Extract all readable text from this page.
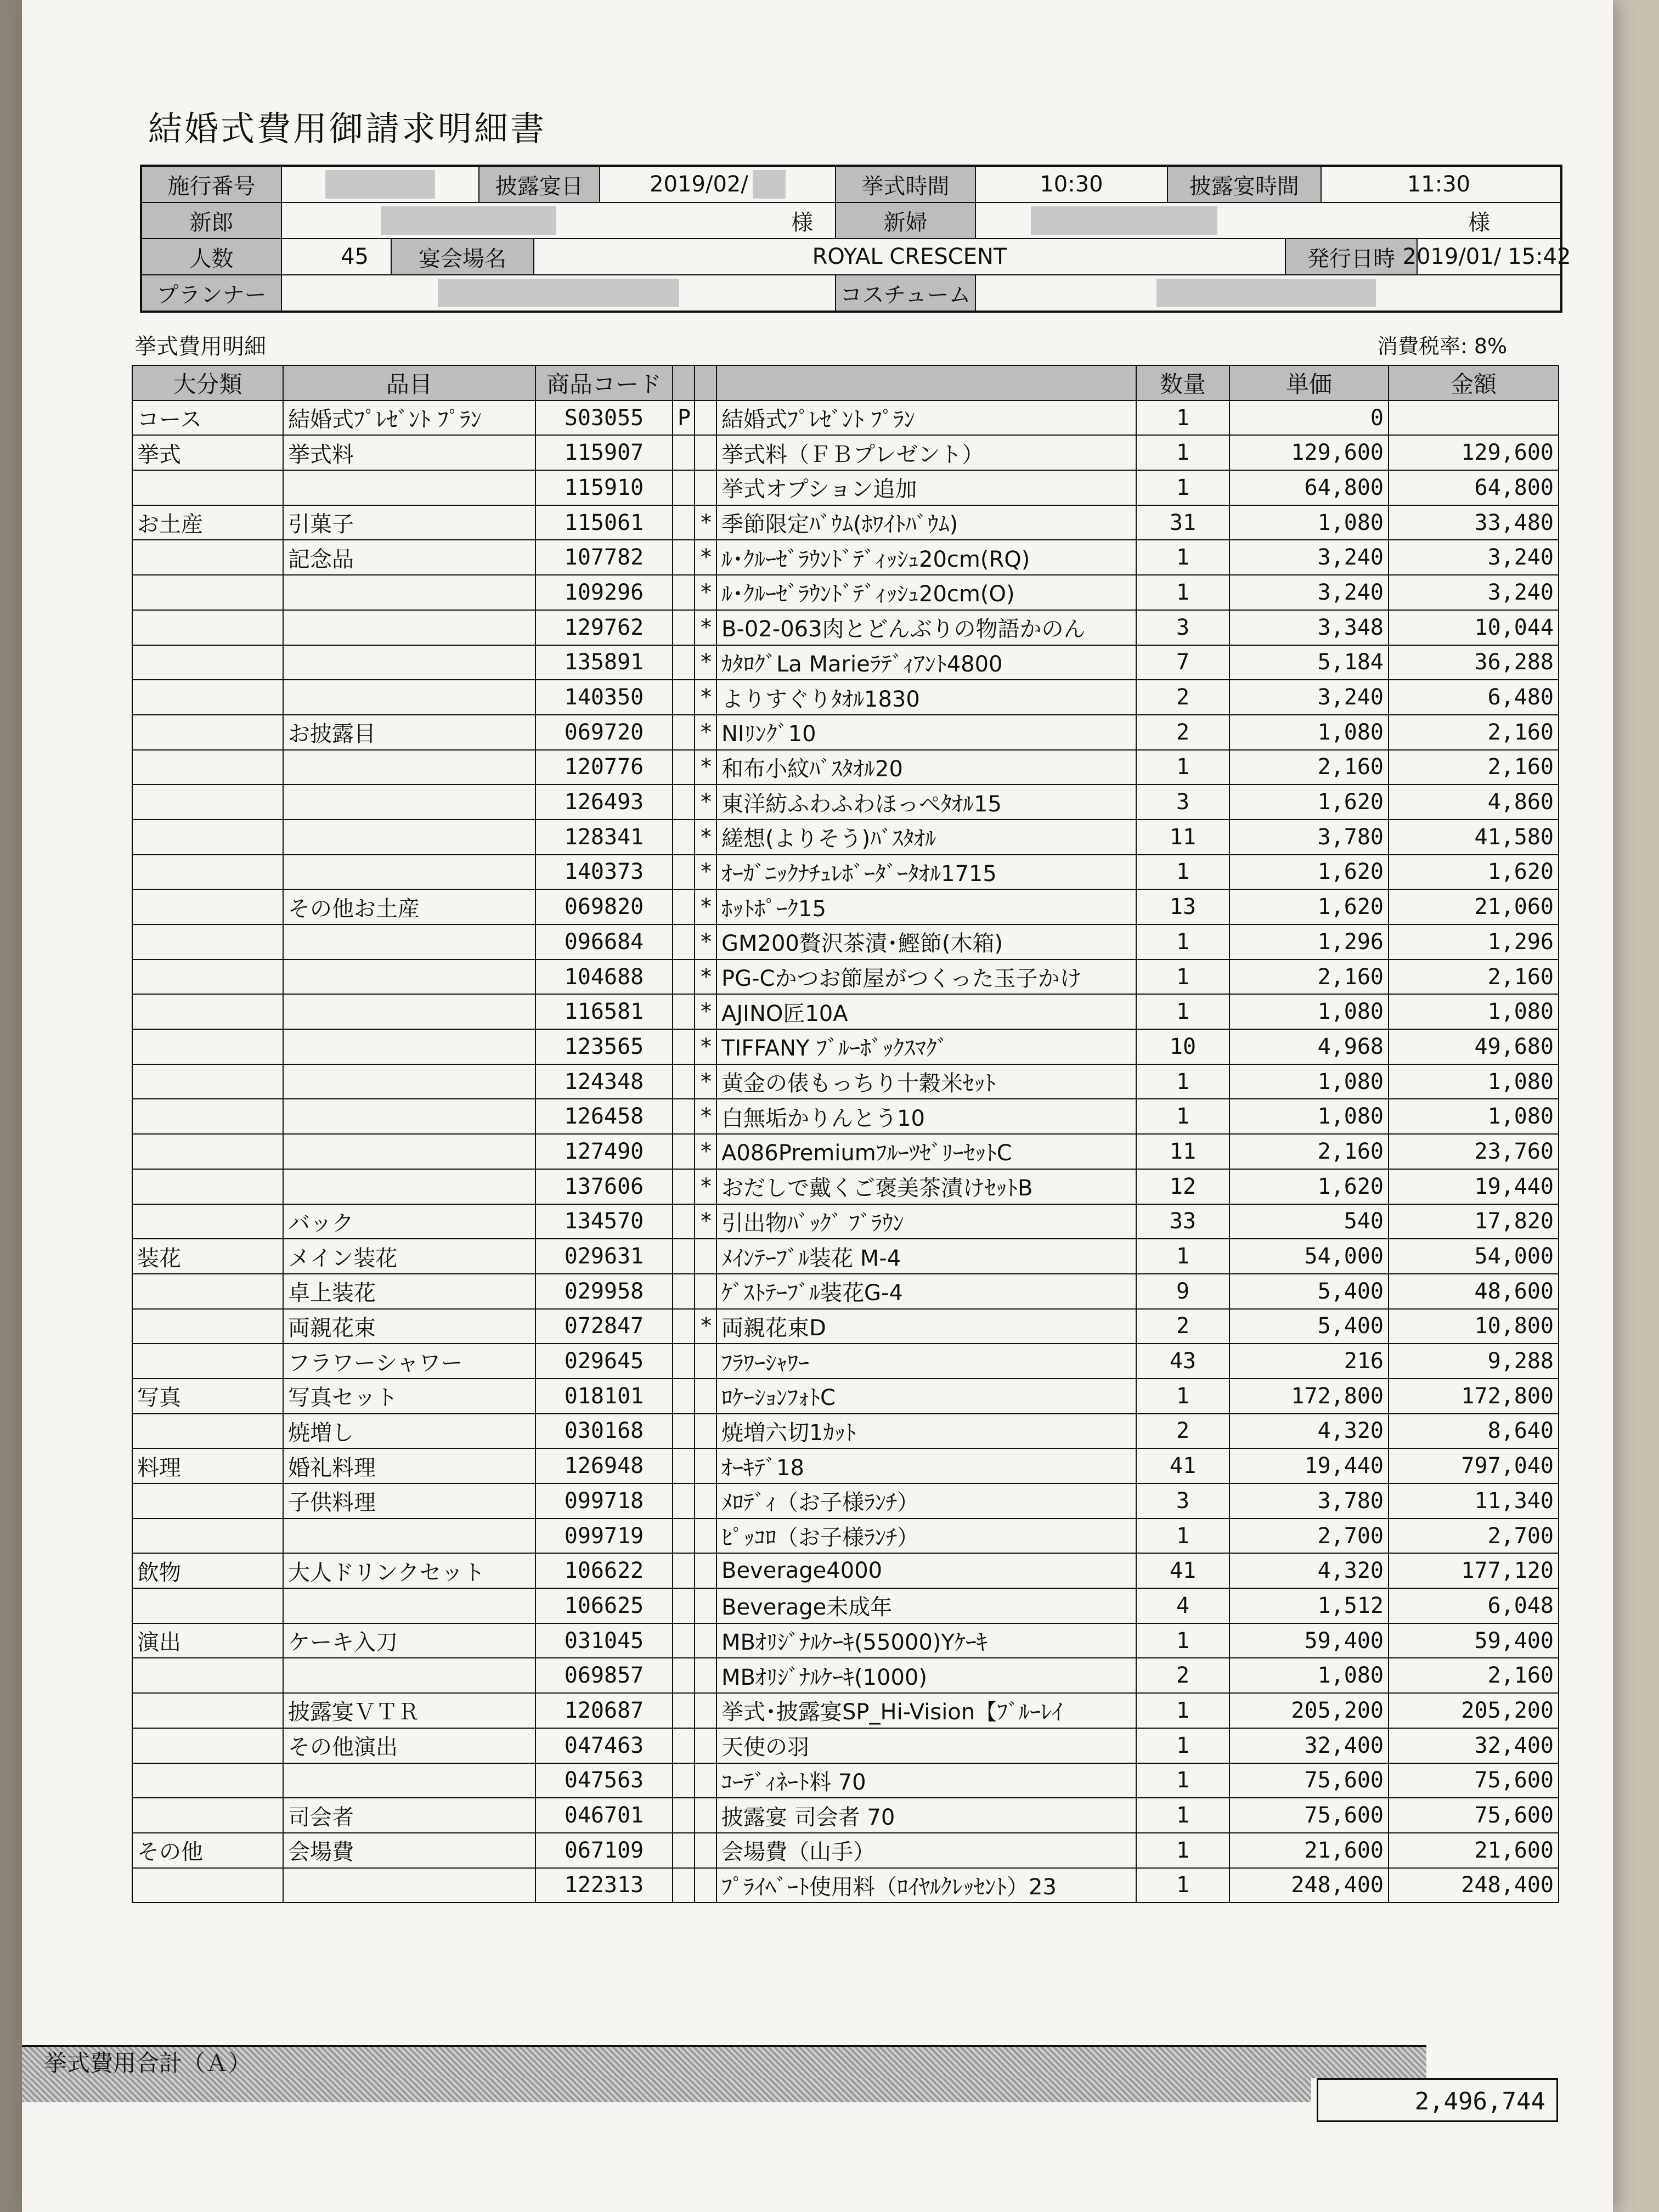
結婚式費用御請求明細書
施行番号	披露宴日	2019/02/	挙式時間	10:30	披露宴時間	11:30
新郎	様	新婦	様
人数	45	宴会場名	ROYAL CRESCENT	発行日時 2019/01/ 15:42
プランナー	コスチューム
挙式費用明細	消費税率: 8%
大分類	品目	商品コード				数量	単価	金額
コース	結婚式ﾌﾟﾚｾﾞﾝﾄ ﾌﾟﾗﾝ	S03055	P		結婚式ﾌﾟﾚｾﾞﾝﾄ ﾌﾟﾗﾝ	1	0	
挙式	挙式料	115907			挙式料（ＦＢプレゼント）	1	129,600	129,600
		115910			挙式オプション追加	1	64,800	64,800
お土産	引菓子	115061		*	季節限定ﾊﾞｳﾑ(ﾎﾜｲﾄﾊﾞｳﾑ)	31	1,080	33,480
	記念品	107782		*	ﾙ･ｸﾙｰｾﾞﾗｳﾝﾄﾞﾃﾞｨｯｼｭ20cm(RQ)	1	3,240	3,240
		109296		*	ﾙ･ｸﾙｰｾﾞﾗｳﾝﾄﾞﾃﾞｨｯｼｭ20cm(O)	1	3,240	3,240
		129762		*	B-02-063肉とどんぶりの物語かのん	3	3,348	10,044
		135891		*	ｶﾀﾛｸﾞLa Marieﾗﾃﾞｨｱﾝﾄ4800	7	5,184	36,288
		140350		*	よりすぐりﾀｵﾙ1830	2	3,240	6,480
	お披露目	069720		*	NIﾘﾝｸﾞ10	2	1,080	2,160
		120776		*	和布小紋ﾊﾞｽﾀｵﾙ20	1	2,160	2,160
		126493		*	東洋紡ふわふわほっぺﾀｵﾙ15	3	1,620	4,860
		128341		*	縒想(よりそう)ﾊﾞｽﾀｵﾙ	11	3,780	41,580
		140373		*	ｵｰｶﾞﾆｯｸﾅﾁｭﾚﾎﾞｰﾀﾞｰﾀｵﾙ1715	1	1,620	1,620
	その他お土産	069820		*	ﾎｯﾄﾎﾟｰｸ15	13	1,620	21,060
		096684		*	GM200贅沢茶漬･鰹節(木箱)	1	1,296	1,296
		104688		*	PG-Cかつお節屋がつくった玉子かけ	1	2,160	2,160
		116581		*	AJINO匠10A	1	1,080	1,080
		123565		*	TIFFANY ﾌﾞﾙｰﾎﾞｯｸｽﾏｸﾞ	10	4,968	49,680
		124348		*	黄金の俵もっちり十穀米ｾｯﾄ	1	1,080	1,080
		126458		*	白無垢かりんとう10	1	1,080	1,080
		127490		*	A086PremiumﾌﾙｰﾂｾﾞﾘｰｾｯﾄC	11	2,160	23,760
		137606		*	おだしで戴くご褒美茶漬けｾｯﾄB	12	1,620	19,440
	バック	134570		*	引出物ﾊﾞｯｸﾞ ﾌﾞﾗｳﾝ	33	540	17,820
装花	メイン装花	029631			ﾒｲﾝﾃｰﾌﾞﾙ装花 M-4	1	54,000	54,000
	卓上装花	029958			ｹﾞｽﾄﾃｰﾌﾞﾙ装花G-4	9	5,400	48,600
	両親花束	072847		*	両親花束D	2	5,400	10,800
	フラワーシャワー	029645			ﾌﾗﾜｰｼｬﾜｰ	43	216	9,288
写真	写真セット	018101			ﾛｹｰｼｮﾝﾌｫﾄC	1	172,800	172,800
	焼増し	030168			焼増六切1ｶｯﾄ	2	4,320	8,640
料理	婚礼料理	126948			ｵｰｷﾃﾞ18	41	19,440	797,040
	子供料理	099718			ﾒﾛﾃﾞｨ（お子様ﾗﾝﾁ）	3	3,780	11,340
		099719			ﾋﾟｯｺﾛ（お子様ﾗﾝﾁ）	1	2,700	2,700
飲物	大人ドリンクセット	106622			Beverage4000	41	4,320	177,120
		106625			Beverage未成年	4	1,512	6,048
演出	ケーキ入刀	031045			MBｵﾘｼﾞﾅﾙｹｰｷ(55000)Yｹｰｷ	1	59,400	59,400
		069857			MBｵﾘｼﾞﾅﾙｹｰｷ(1000)	2	1,080	2,160
	披露宴ＶＴＲ	120687			挙式･披露宴SP_Hi-Vision【ﾌﾞﾙｰﾚｲ	1	205,200	205,200
	その他演出	047463			天使の羽	1	32,400	32,400
		047563			ｺｰﾃﾞｨﾈｰﾄ料 70	1	75,600	75,600
	司会者	046701			披露宴 司会者 70	1	75,600	75,600
その他	会場費	067109			会場費（山手）	1	21,600	21,600
		122313			ﾌﾟﾗｲﾍﾞｰﾄ使用料（ﾛｲﾔﾙｸﾚｯｾﾝﾄ）23	1	248,400	248,400
挙式費用合計（Ａ）
2,496,744
